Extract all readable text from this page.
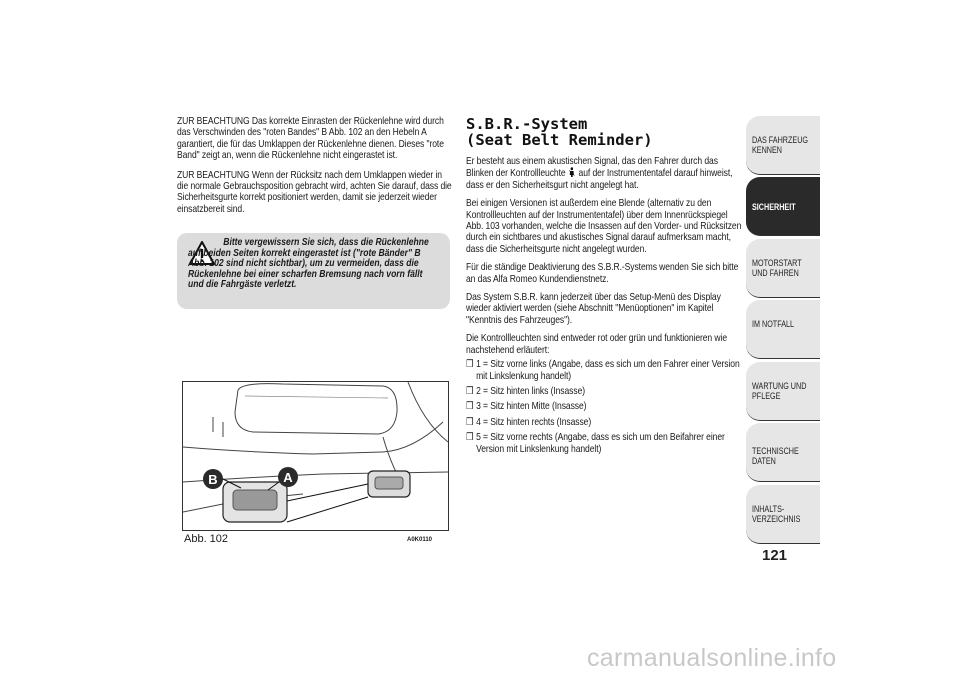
ZUR BEACHTUNG Das korrekte Einrasten der Rückenlehne wird durch das Verschwinden des "roten Bandes" B Abb. 102 an den Hebeln A garantiert, die für das Umklappen der Rückenlehne dienen. Dieses "rote Band" zeigt an, wenn die Rückenlehne nicht eingerastet ist.

ZUR BEACHTUNG Wenn der Rücksitz nach dem Umklappen wieder in die normale Gebrauchsposition gebracht wird, achten Sie darauf, dass die Sicherheitsgurte korrekt positioniert werden, damit sie jederzeit wieder einsatzbereit sind.

Bitte vergewissern Sie sich, dass die Rückenlehne auf beiden Seiten korrekt eingerastet ist ("rote Bänder" B Abb. 102 sind nicht sichtbar), um zu vermeiden, dass die Rückenlehne bei einer scharfen Bremsung nach vorn fällt und die Fahrgäste verletzt.

B	A
Abb. 102	A0K0110
S.B.R.-System
(Seat Belt Reminder)

Er besteht aus einem akustischen Signal, das den Fahrer durch das Blinken der Kontrollleuchte auf der Instrumententafel darauf hinweist, dass er den Sicherheitsgurt nicht angelegt hat.

Bei einigen Versionen ist außerdem eine Blende (alternativ zu den Kontrollleuchten auf der Instrumententafel) über dem Innenrückspiegel Abb. 103 vorhanden, welche die Insassen auf den Vorder- und Rücksitzen durch ein sichtbares und akustisches Signal darauf aufmerksam macht, dass die Sicherheitsgurte nicht angelegt wurden.

Für die ständige Deaktivierung des S.B.R.-Systems wenden Sie sich bitte an das Alfa Romeo Kundendienstnetz.

Das System S.B.R. kann jederzeit über das Setup-Menü des Display wieder aktiviert werden (siehe Abschnitt "Menüoptionen" im Kapitel "Kenntnis des Fahrzeuges").

Die Kontrollleuchten sind entweder rot oder grün und funktionieren wie nachstehend erläutert:

❒ 1 = Sitz vorne links (Angabe, dass es sich um den Fahrer einer Version mit Linkslenkung handelt)
❒ 2 = Sitz hinten links (Insasse)
❒ 3 = Sitz hinten Mitte (Insasse)
❒ 4 = Sitz hinten rechts (Insasse)
❒ 5 = Sitz vorne rechts (Angabe, dass es sich um den Beifahrer einer Version mit Linkslenkung handelt)
DAS FAHRZEUG KENNEN
SICHERHEIT
MOTORSTART UND FAHREN
IM NOTFALL
WARTUNG UND PFLEGE
TECHNISCHE DATEN
INHALTS-VERZEICHNIS
121
carmanualsonline.info
